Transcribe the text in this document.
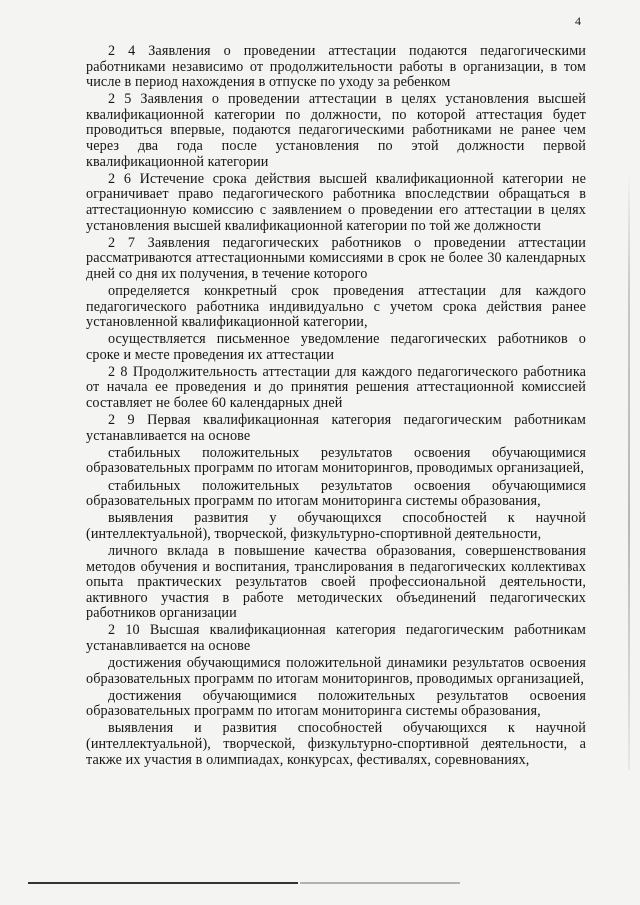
4

2 4 Заявления о проведении аттестации подаются педагогическими работниками независимо от продолжительности работы в организации, в том числе в период нахождения в отпуске по уходу за ребенком

2 5 Заявления о проведении аттестации в целях установления высшей квалификационной категории по должности, по которой аттестация будет проводиться впервые, подаются педагогическими работниками не ранее чем через два года после установления по этой должности первой квалификационной категории

2 6 Истечение срока действия высшей квалификационной категории не ограничивает право педагогического работника впоследствии обращаться в аттестационную комиссию с заявлением о проведении его аттестации в целях установления высшей квалификационной категории по той же должности

2 7 Заявления педагогических работников о проведении аттестации рассматриваются аттестационными комиссиями в срок не более 30 календарных дней со дня их получения, в течение которого

определяется конкретный срок проведения аттестации для каждого педагогического работника индивидуально с учетом срока действия ранее установленной квалификационной категории,

осуществляется письменное уведомление педагогических работников о сроке и месте проведения их аттестации

2 8 Продолжительность аттестации для каждого педагогического работника от начала ее проведения и до принятия решения аттестационной комиссией составляет не более 60 календарных дней

2 9 Первая квалификационная категория педагогическим работникам устанавливается на основе

стабильных положительных результатов освоения обучающимися образовательных программ по итогам мониторингов, проводимых организацией,

стабильных положительных результатов освоения обучающимися образовательных программ по итогам мониторинга системы образования,

выявления развития у обучающихся способностей к научной (интеллектуальной), творческой, физкультурно-спортивной деятельности,

личного вклада в повышение качества образования, совершенствования методов обучения и воспитания, транслирования в педагогических коллективах опыта практических результатов своей профессиональной деятельности, активного участия в работе методических объединений педагогических работников организации

2 10 Высшая квалификационная категория педагогическим работникам устанавливается на основе

достижения обучающимися положительной динамики результатов освоения образовательных программ по итогам мониторингов, проводимых организацией,

достижения обучающимися положительных результатов освоения образовательных программ по итогам мониторинга системы образования,

выявления и развития способностей обучающихся к научной (интеллектуальной), творческой, физкультурно-спортивной деятельности, а также их участия в олимпиадах, конкурсах, фестивалях, соревнованиях,
